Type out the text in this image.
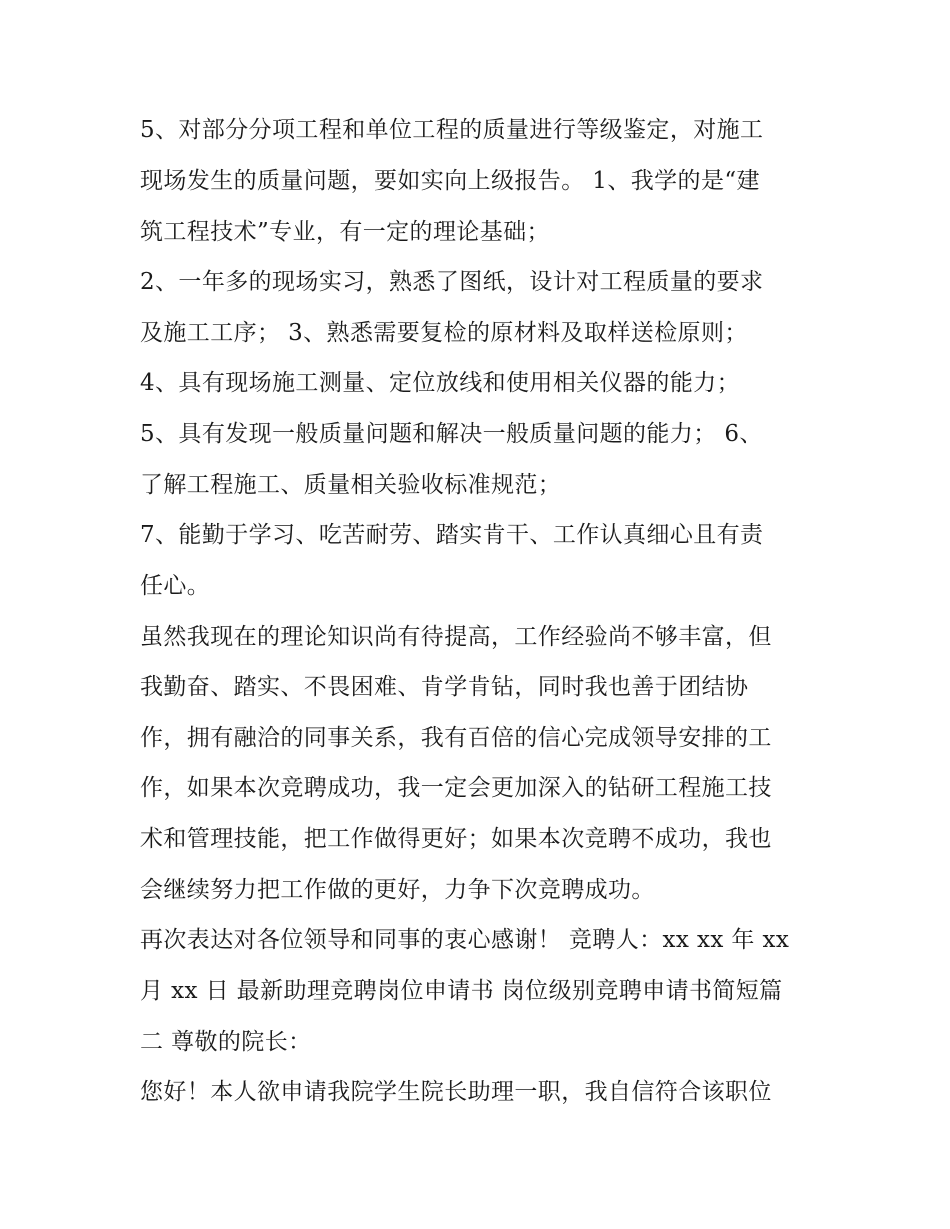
5、对部分分项工程和单位工程的质量进行等级鉴定，对施工

现场发生的质量问题，要如实向上级报告。 1、我学的是“建

筑工程技术”专业，有一定的理论基础；

2、一年多的现场实习，熟悉了图纸，设计对工程质量的要求

及施工工序； 3、熟悉需要复检的原材料及取样送检原则；

4、具有现场施工测量、定位放线和使用相关仪器的能力；

5、具有发现一般质量问题和解决一般质量问题的能力； 6、

了解工程施工、质量相关验收标准规范；

7、能勤于学习、吃苦耐劳、踏实肯干、工作认真细心且有责

任心。

虽然我现在的理论知识尚有待提高，工作经验尚不够丰富，但

我勤奋、踏实、不畏困难、肯学肯钻，同时我也善于团结协

作，拥有融洽的同事关系，我有百倍的信心完成领导安排的工

作，如果本次竞聘成功，我一定会更加深入的钻研工程施工技

术和管理技能，把工作做得更好；如果本次竞聘不成功，我也

会继续努力把工作做的更好，力争下次竞聘成功。

再次表达对各位领导和同事的衷心感谢！ 竞聘人：xx xx 年 xx

月 xx 日 最新助理竞聘岗位申请书 岗位级别竞聘申请书简短篇

二 尊敬的院长：

您好！本人欲申请我院学生院长助理一职，我自信符合该职位
